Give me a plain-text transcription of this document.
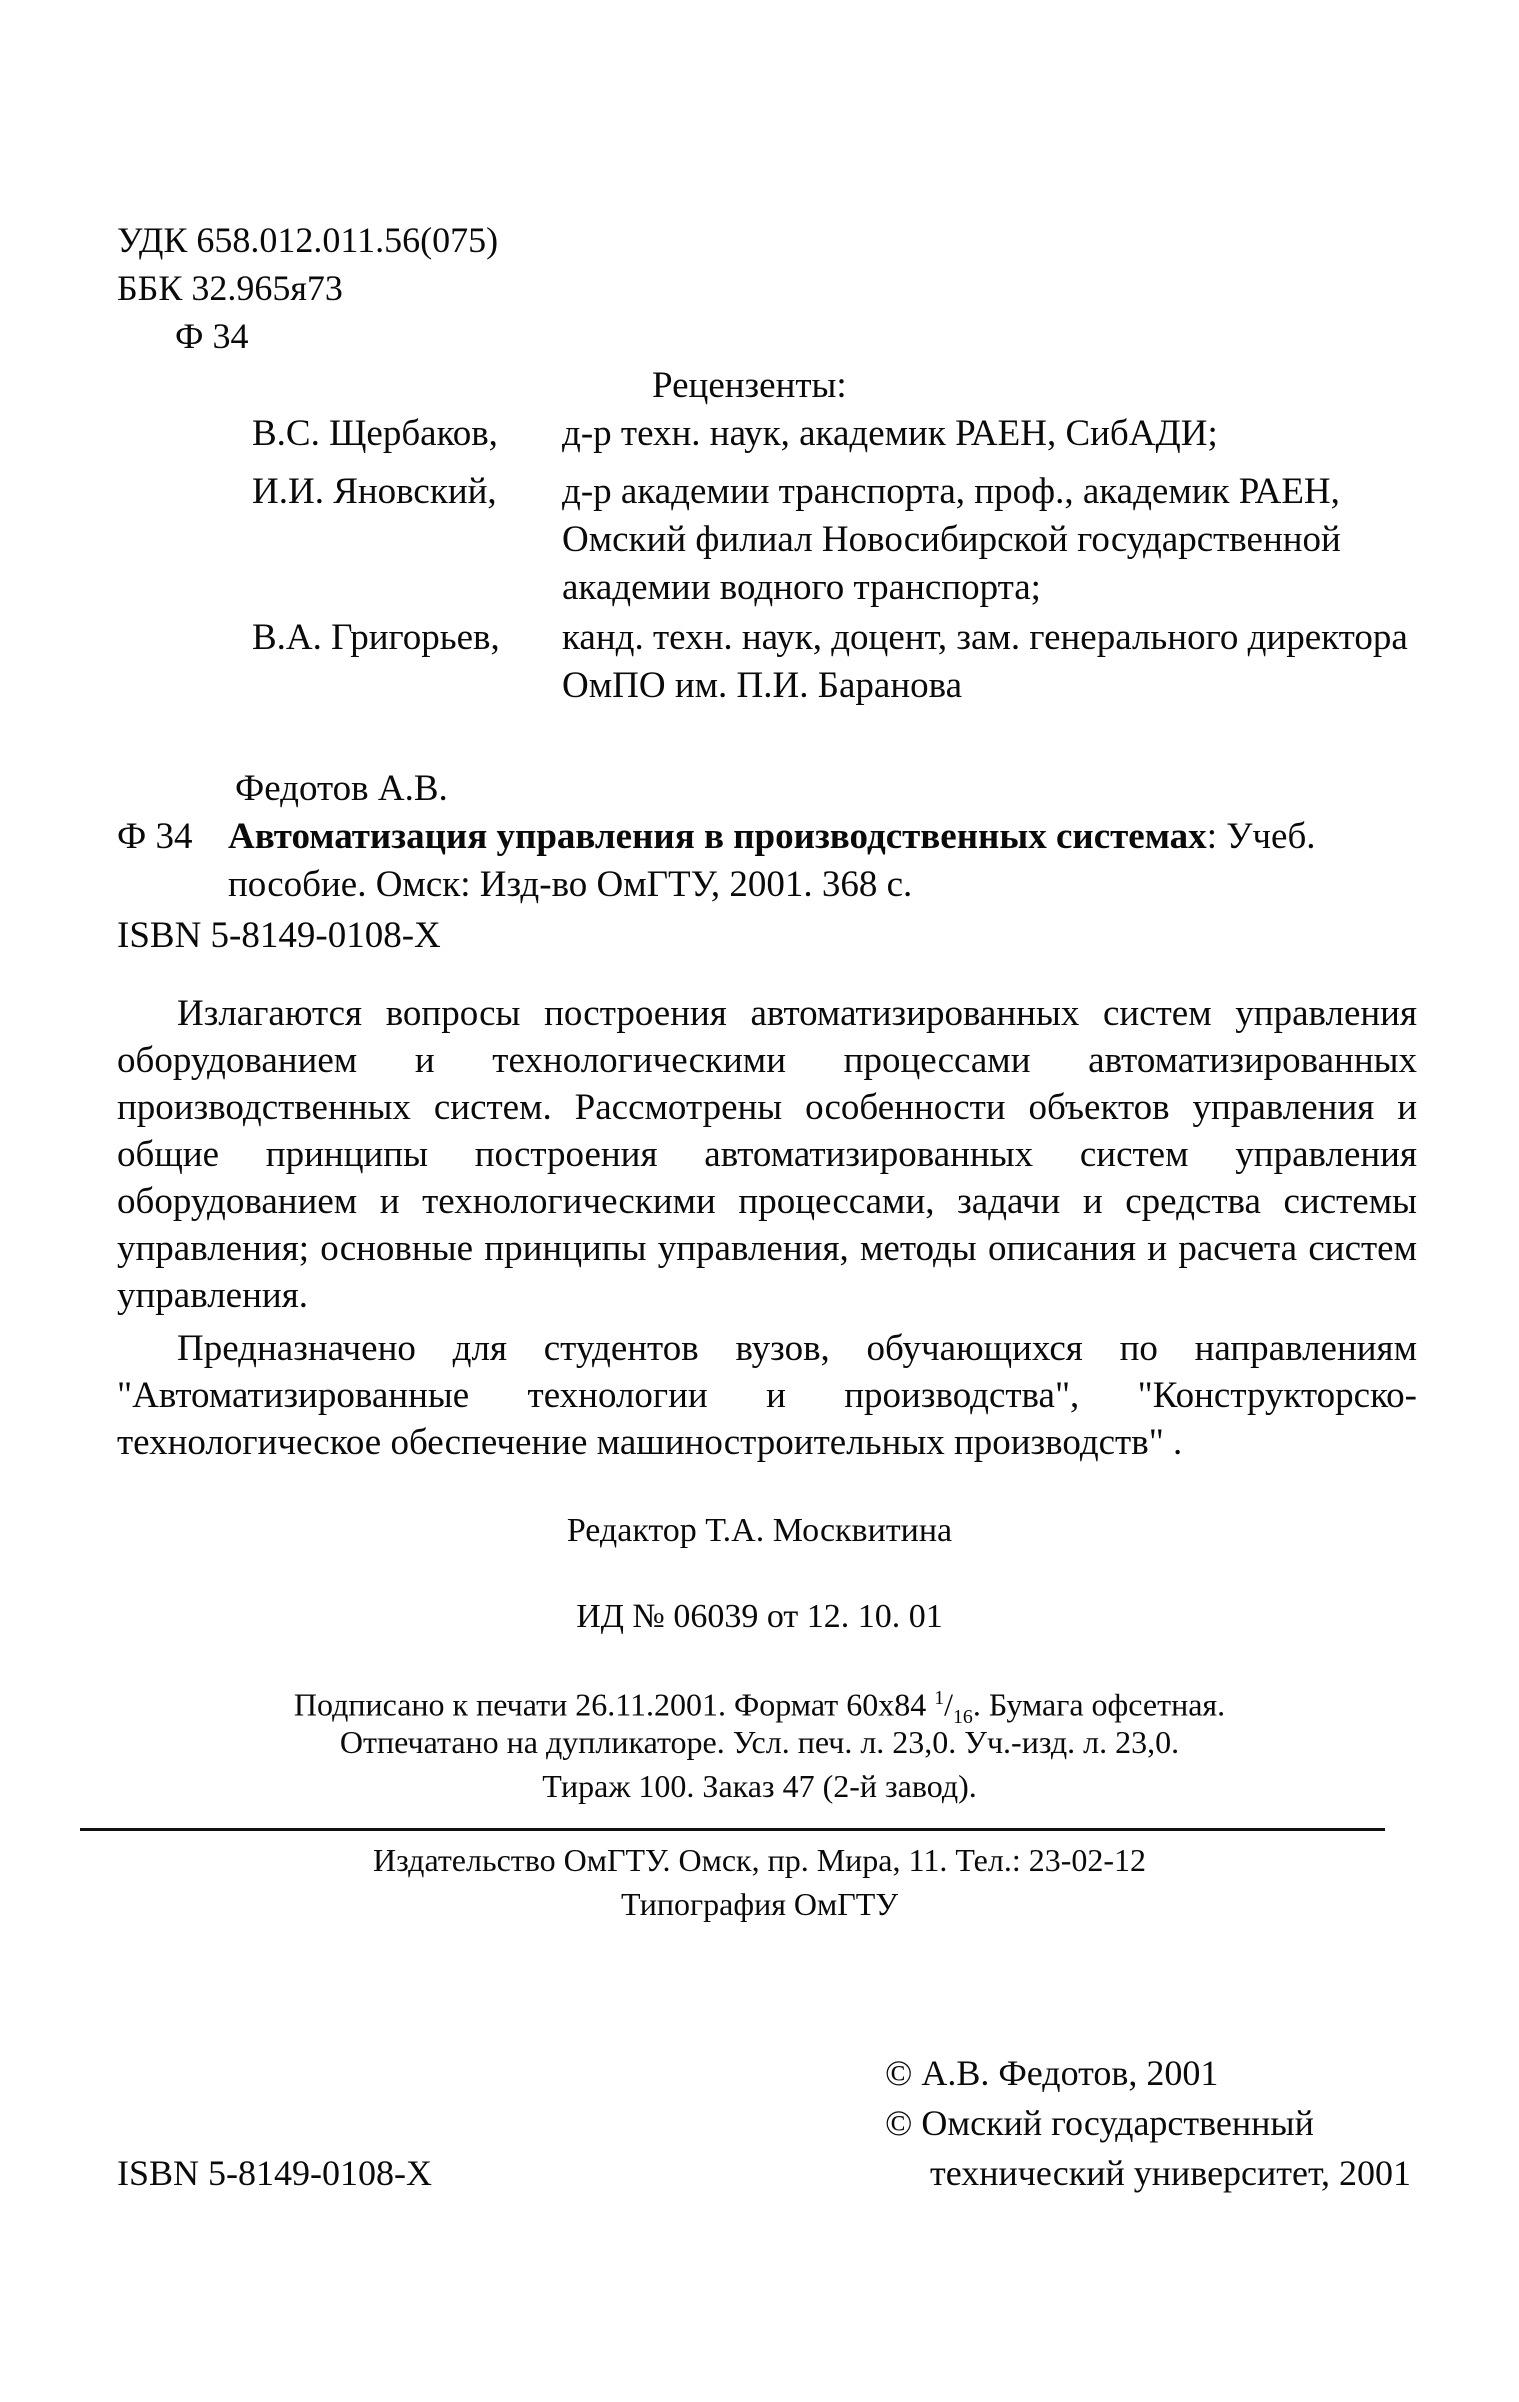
УДК 658.012.011.56(075)
ББК 32.965я73
Ф 34
Рецензенты:
В.С. Щербаков,	д-р техн. наук, академик РАЕН, СибАДИ;
И.И. Яновский,	д-р академии транспорта, проф., академик РАЕН, Омский филиал Новосибирской государственной академии водного транспорта;
В.А. Григорьев,	канд. техн. наук, доцент, зам. генерального директора ОмПО им. П.И. Баранова
Федотов А.В.
Ф 34 Автоматизация управления в производственных системах: Учеб. пособие. Омск: Изд-во ОмГТУ, 2001. 368 с.
ISBN 5-8149-0108-X

Излагаются вопросы построения автоматизированных систем управления оборудованием и технологическими процессами автоматизированных производственных систем. Рассмотрены особенности объектов управления и общие принципы построения автоматизированных систем управления оборудованием и технологическими процессами, задачи и средства системы управления; основные принципы управления, методы описания и расчета систем управления.

Предназначено для студентов вузов, обучающихся по направлениям "Автоматизированные технологии и производства", "Конструкторско-технологическое обеспечение машиностроительных производств" .

Редактор Т.А. Москвитина
ИД № 06039 от 12. 10. 01
Подписано к печати 26.11.2001. Формат 60х84 $^1/_{16}$. Бумага офсетная.
Отпечатано на дупликаторе. Усл. печ. л. 23,0. Уч.-изд. л. 23,0.
Тираж 100. Заказ 47 (2-й завод).
Издательство ОмГТУ. Омск, пр. Мира, 11. Тел.: 23-02-12
Типография ОмГТУ
© А.В. Федотов, 2001
© Омский государственный
ISBN 5-8149-0108-X	технический университет, 2001
